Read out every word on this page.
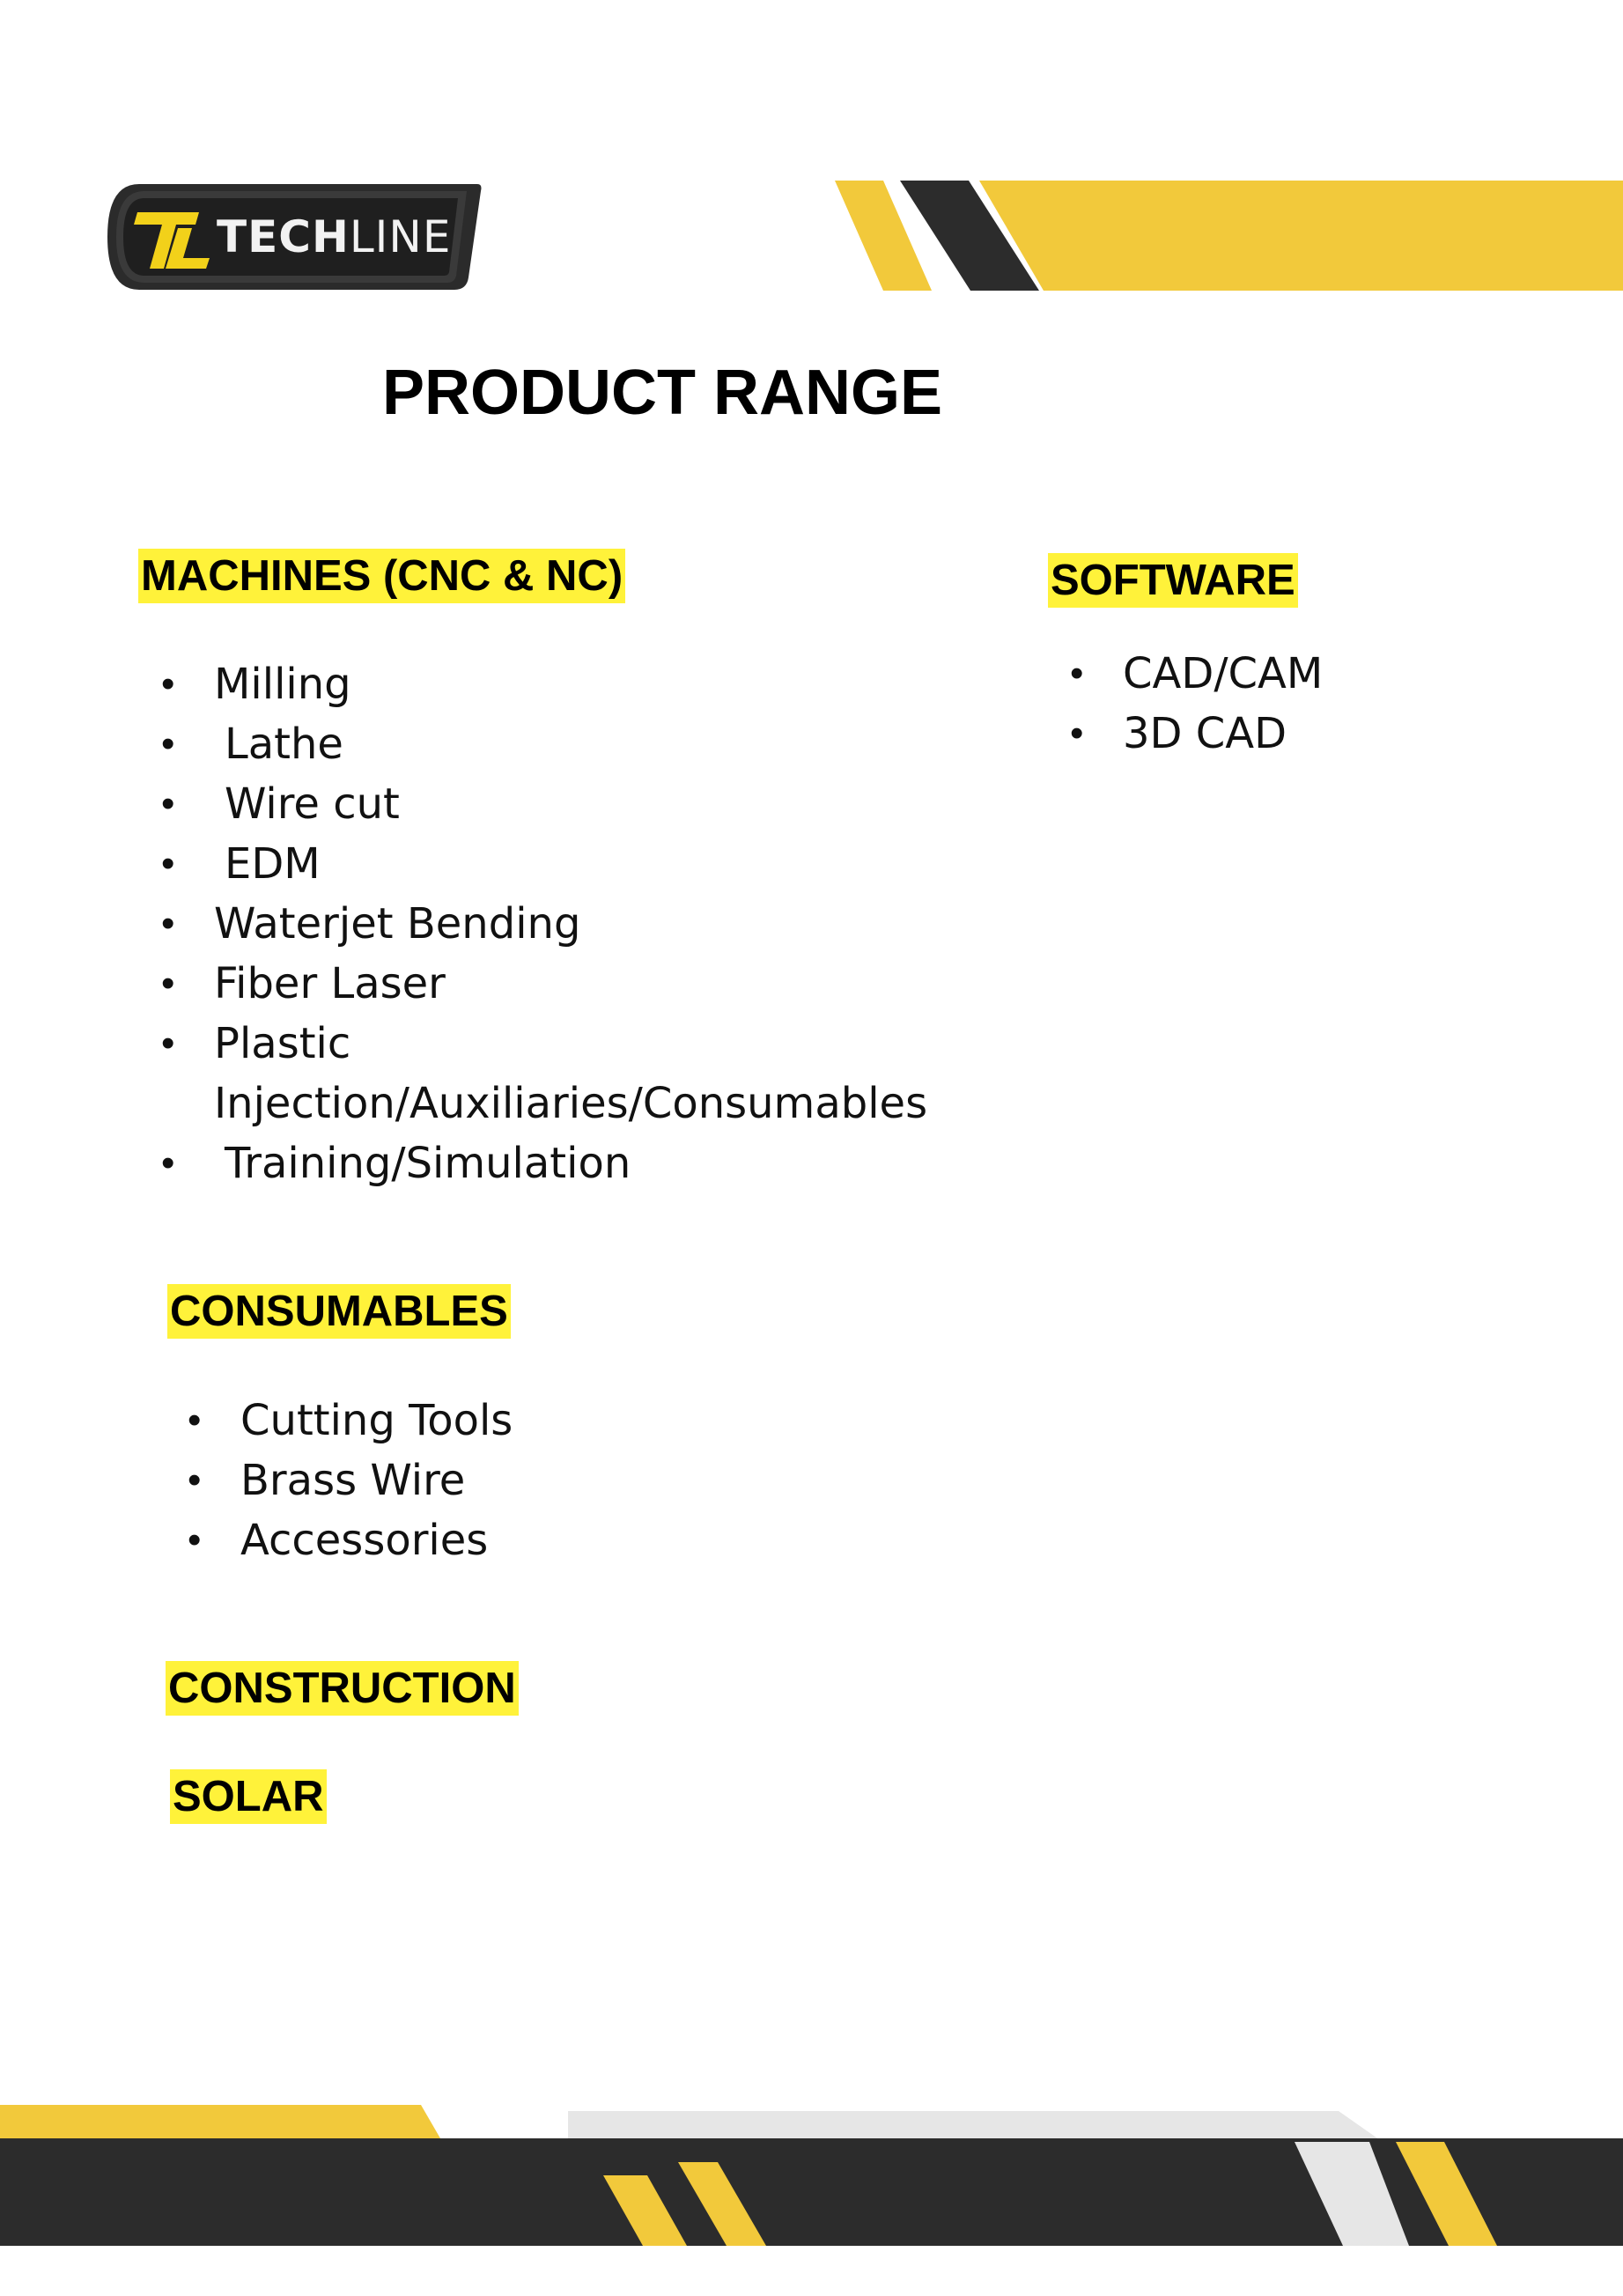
TECHLINE
PRODUCT RANGE
MACHINES (CNC & NC)
• Milling
• Lathe
• Wire cut
• EDM
• Waterjet Bending
• Fiber Laser
• Plastic
Injection/Auxiliaries/Consumables
• Training/Simulation
SOFTWARE
• CAD/CAM
• 3D CAD
CONSUMABLES
• Cutting Tools
• Brass Wire
• Accessories
CONSTRUCTION
SOLAR
